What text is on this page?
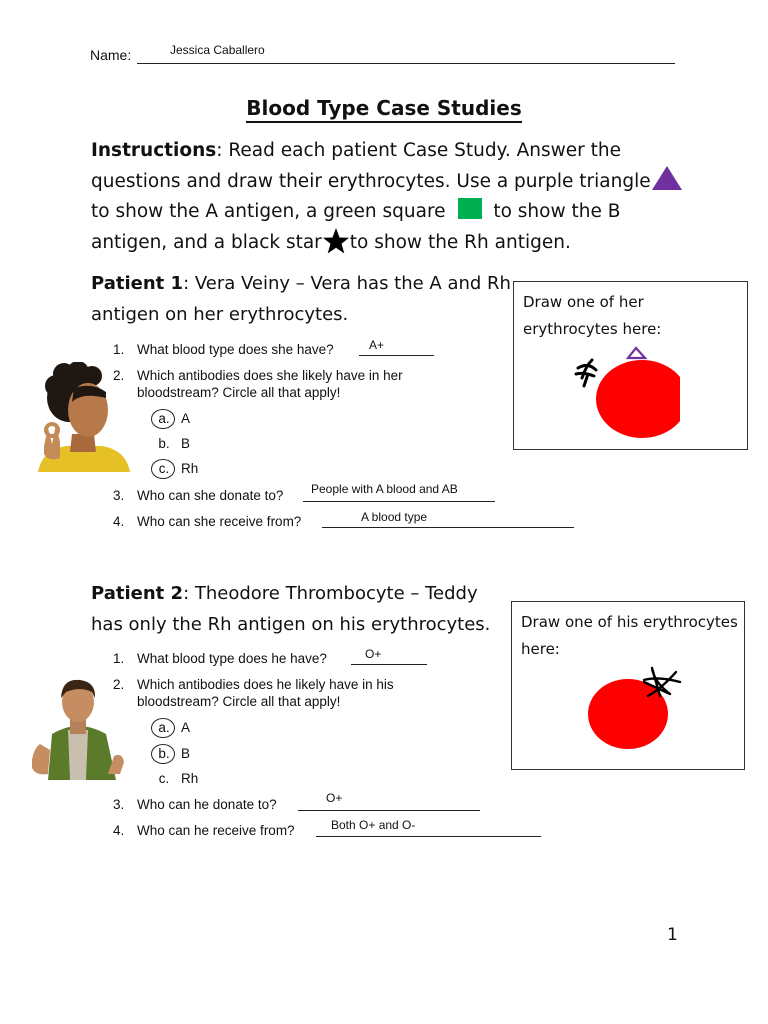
Name:	Jessica Caballero
Blood Type Case Studies
Instructions: Read each patient Case Study. Answer the questions and draw their erythrocytes. Use a purple triangle
to show the A antigen, a green square  to show the B antigen, and a black star to show the Rh antigen.
Patient 1: Vera Veiny – Vera has the A and Rh antigen on her erythrocytes.
1. What blood type does she have?	A+
2. Which antibodies does she likely have in her
bloodstream? Circle all that apply!
a. A
b. B
c. Rh
3. Who can she donate to? People with A blood and AB
4. Who can she receive from?	A blood type
Draw one of her erythrocytes here:
Patient 2: Theodore Thrombocyte – Teddy has only the Rh antigen on his erythrocytes.
1. What blood type does he have?	O+
2. Which antibodies does he likely have in his
bloodstream? Circle all that apply!
a. A
b. B
c. Rh
3. Who can he donate to?	O+
4. Who can he receive from?	Both O+ and O-
Draw one of his erythrocytes here:
1
